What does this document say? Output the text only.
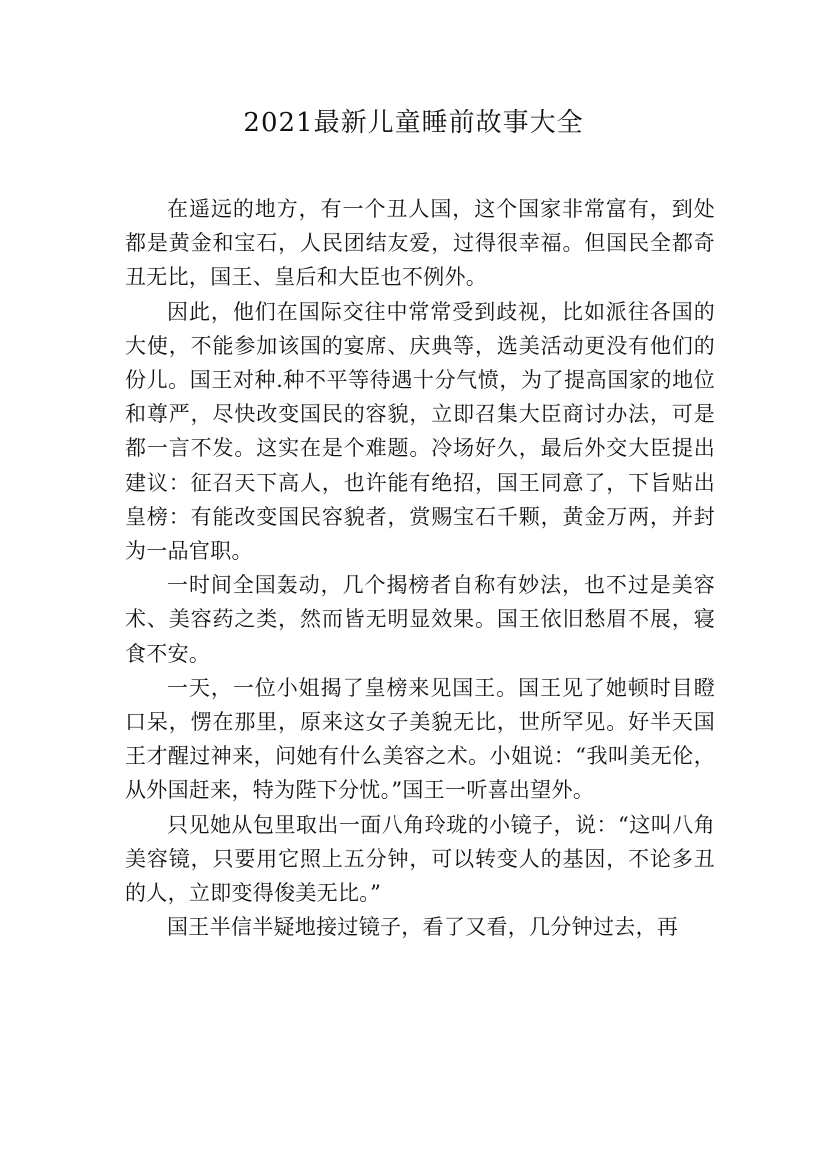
2021最新儿童睡前故事大全

在遥远的地方，有一个丑人国，这个国家非常富有，到处都是黄金和宝石，人民团结友爱，过得很幸福。但国民全都奇丑无比，国王、皇后和大臣也不例外。

因此，他们在国际交往中常常受到歧视，比如派往各国的大使，不能参加该国的宴席、庆典等，选美活动更没有他们的份儿。国王对种.种不平等待遇十分气愤，为了提高国家的地位和尊严，尽快改变国民的容貌，立即召集大臣商讨办法，可是都一言不发。这实在是个难题。冷场好久，最后外交大臣提出建议：征召天下高人，也许能有绝招，国王同意了，下旨贴出皇榜：有能改变国民容貌者，赏赐宝石千颗，黄金万两，并封为一品官职。

一时间全国轰动，几个揭榜者自称有妙法，也不过是美容术、美容药之类，然而皆无明显效果。国王依旧愁眉不展，寝食不安。

一天，一位小姐揭了皇榜来见国王。国王见了她顿时目瞪口呆，愣在那里，原来这女子美貌无比，世所罕见。好半天国王才醒过神来，问她有什么美容之术。小姐说：“我叫美无伦，从外国赶来，特为陛下分忧。”国王一听喜出望外。

只见她从包里取出一面八角玲珑的小镜子，说：“这叫八角美容镜，只要用它照上五分钟，可以转变人的基因，不论多丑的人，立即变得俊美无比。”

国王半信半疑地接过镜子，看了又看，几分钟过去，再
